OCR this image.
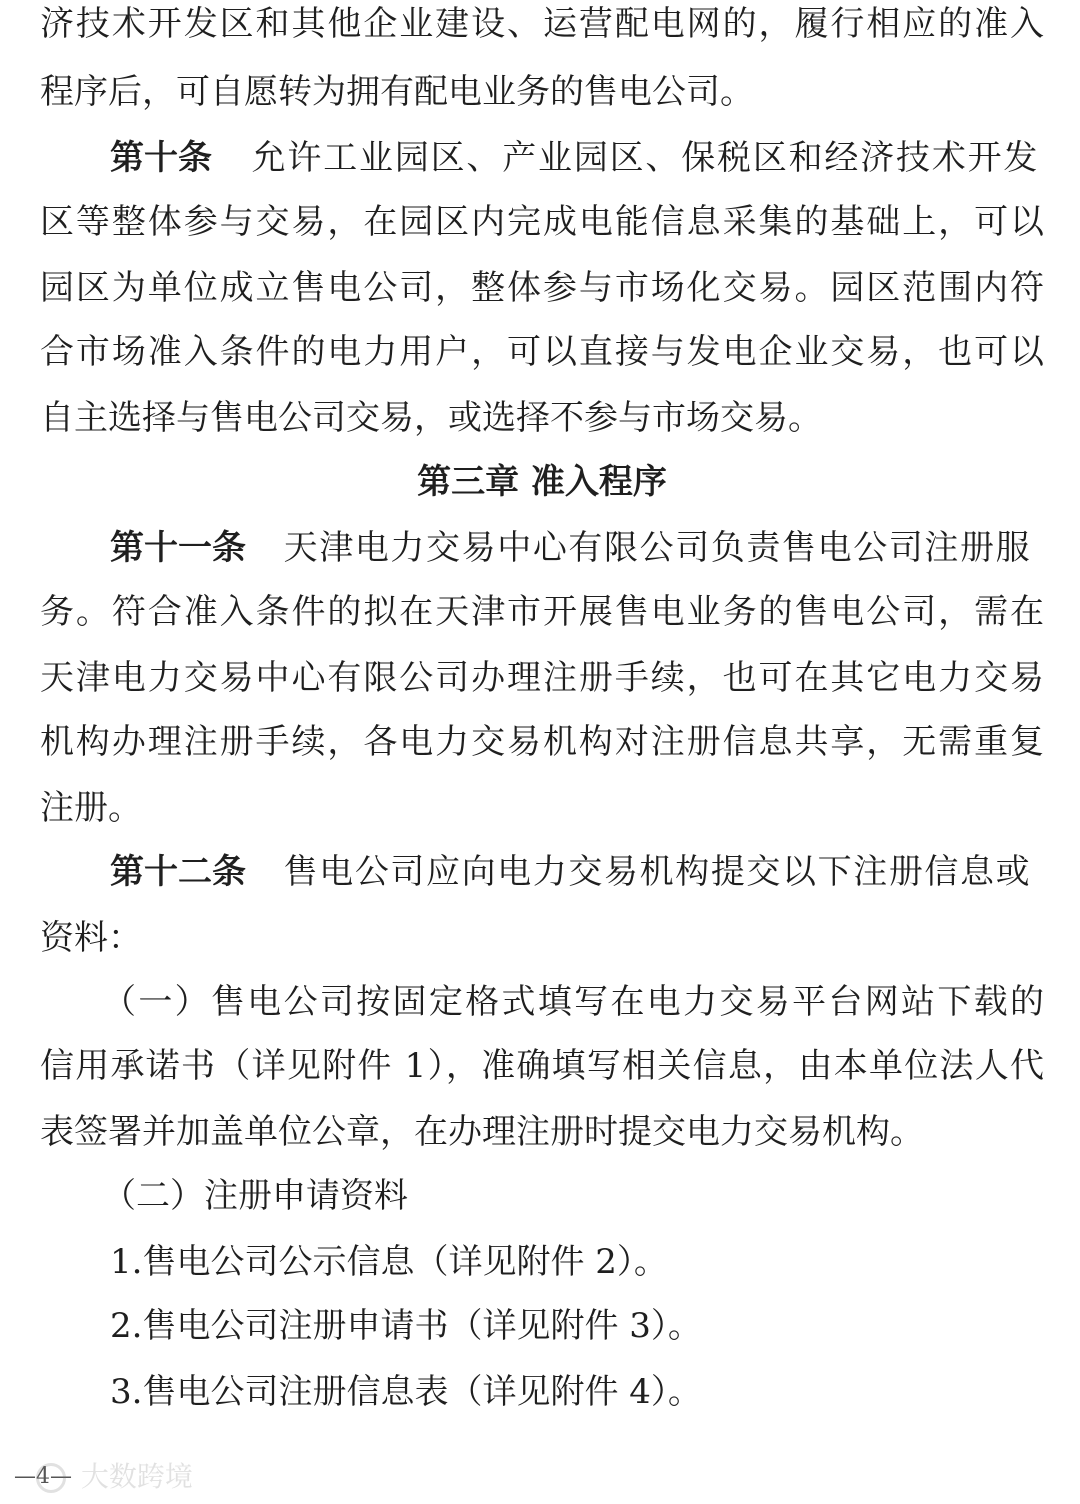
济技术开发区和其他企业建设、运营配电网的，履行相应的准入
程序后，可自愿转为拥有配电业务的售电公司。
第十条 允许工业园区、产业园区、保税区和经济技术开发
区等整体参与交易，在园区内完成电能信息采集的基础上，可以
园区为单位成立售电公司，整体参与市场化交易。园区范围内符
合市场准入条件的电力用户，可以直接与发电企业交易，也可以
自主选择与售电公司交易，或选择不参与市场交易。
第三章 准入程序
第十一条 天津电力交易中心有限公司负责售电公司注册服
务。符合准入条件的拟在天津市开展售电业务的售电公司，需在
天津电力交易中心有限公司办理注册手续，也可在其它电力交易
机构办理注册手续，各电力交易机构对注册信息共享，无需重复
注册。
第十二条 售电公司应向电力交易机构提交以下注册信息或
资料：
（一）售电公司按固定格式填写在电力交易平台网站下载的
信用承诺书（详见附件 1），准确填写相关信息，由本单位法人代
表签署并加盖单位公章，在办理注册时提交电力交易机构。
（二）注册申请资料
1.售电公司公示信息（详见附件 2）。
2.售电公司注册申请书（详见附件 3）。
3.售电公司注册信息表（详见附件 4）。
—4— 大数跨境
